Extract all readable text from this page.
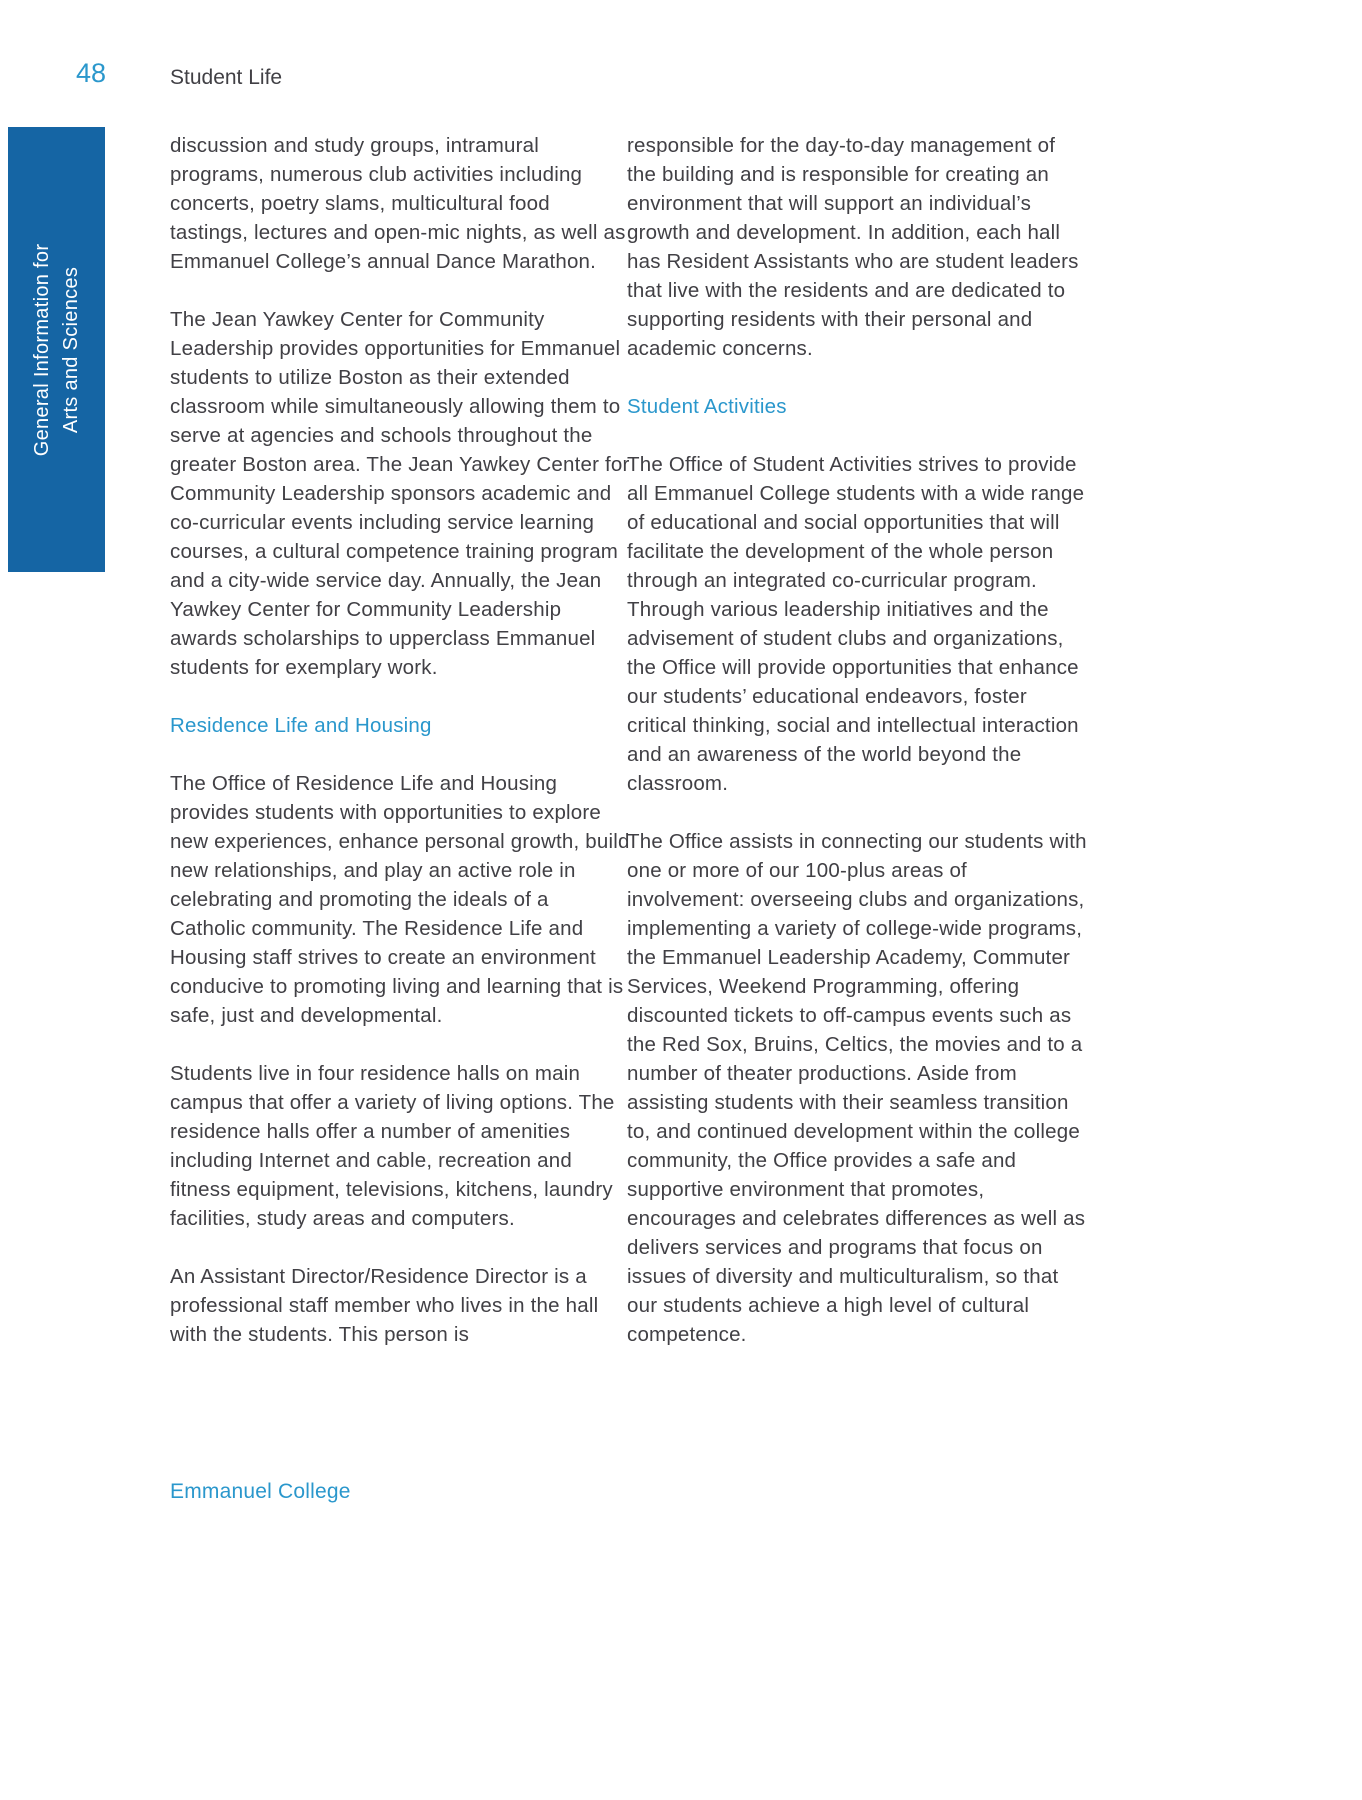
48	Student Life
General Information for Arts and Sciences

discussion and study groups, intramural programs, numerous club activities including concerts, poetry slams, multicultural food tastings, lectures and open-mic nights, as well as Emmanuel College’s annual Dance Marathon.

The Jean Yawkey Center for Community Leadership provides opportunities for Emmanuel students to utilize Boston as their extended classroom while simultaneously allowing them to serve at agencies and schools throughout the greater Boston area. The Jean Yawkey Center for Community Leadership sponsors academic and co-curricular events including service learning courses, a cultural competence training program and a city-wide service day. Annually, the Jean Yawkey Center for Community Leadership awards scholarships to upperclass Emmanuel students for exemplary work.

Residence Life and Housing

The Office of Residence Life and Housing provides students with opportunities to explore new experiences, enhance personal growth, build new relationships, and play an active role in celebrating and promoting the ideals of a Catholic community. The Residence Life and Housing staff strives to create an environment conducive to promoting living and learning that is safe, just and developmental.

Students live in four residence halls on main campus that offer a variety of living options. The residence halls offer a number of amenities including Internet and cable, recreation and fitness equipment, televisions, kitchens, laundry facilities, study areas and computers.

An Assistant Director/Residence Director is a professional staff member who lives in the hall with the students. This person is

responsible for the day-to-day management of the building and is responsible for creating an environment that will support an individual’s growth and development. In addition, each hall has Resident Assistants who are student leaders that live with the residents and are dedicated to supporting residents with their personal and academic concerns.

Student Activities

The Office of Student Activities strives to provide all Emmanuel College students with a wide range of educational and social opportunities that will facilitate the development of the whole person through an integrated co-curricular program. Through various leadership initiatives and the advisement of student clubs and organizations, the Office will provide opportunities that enhance our students’ educational endeavors, foster critical thinking, social and intellectual interaction and an awareness of the world beyond the classroom.

The Office assists in connecting our students with one or more of our 100-plus areas of involvement: overseeing clubs and organizations, implementing a variety of college-wide programs, the Emmanuel Leadership Academy, Commuter Services, Weekend Programming, offering discounted tickets to off-campus events such as the Red Sox, Bruins, Celtics, the movies and to a number of theater productions. Aside from assisting students with their seamless transition to, and continued development within the college community, the Office provides a safe and supportive environment that promotes, encourages and celebrates differences as well as delivers services and programs that focus on issues of diversity and multiculturalism, so that our students achieve a high level of cultural competence.

Emmanuel College
